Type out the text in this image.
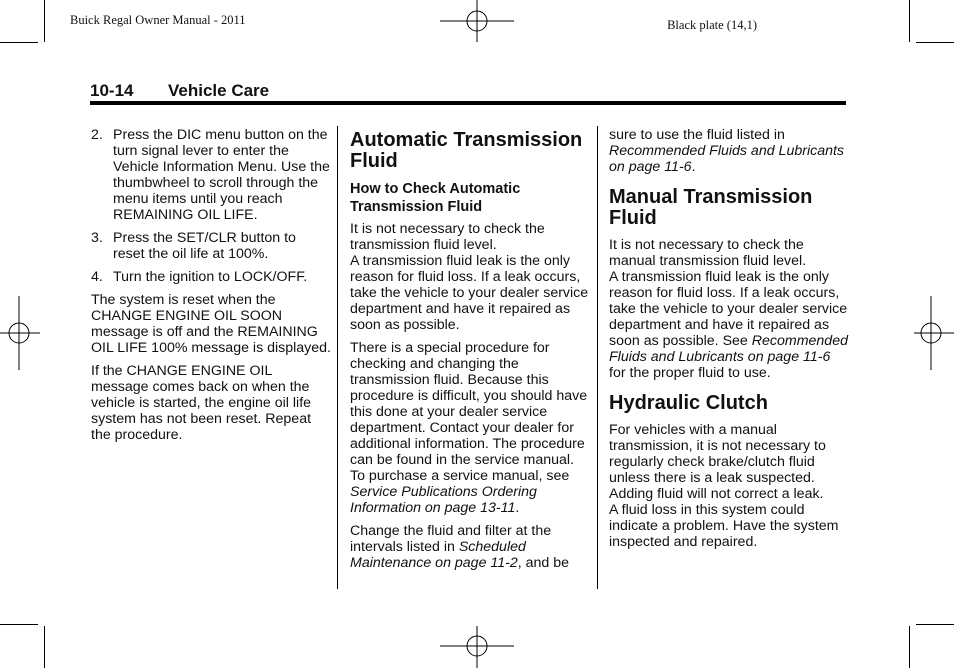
Buick Regal Owner Manual - 2011	Black plate (14,1)
10-14 Vehicle Care
2. Press the DIC menu button on the turn signal lever to enter the Vehicle Information Menu. Use the thumbwheel to scroll through the menu items until you reach REMAINING OIL LIFE.
3. Press the SET/CLR button to reset the oil life at 100%.
4. Turn the ignition to LOCK/OFF.

The system is reset when the CHANGE ENGINE OIL SOON message is off and the REMAINING OIL LIFE 100% message is displayed.

If the CHANGE ENGINE OIL message comes back on when the vehicle is started, the engine oil life system has not been reset. Repeat the procedure.

Automatic Transmission Fluid
How to Check Automatic Transmission Fluid

It is not necessary to check the transmission fluid level.
A transmission fluid leak is the only reason for fluid loss. If a leak occurs, take the vehicle to your dealer service department and have it repaired as soon as possible.

There is a special procedure for checking and changing the transmission fluid. Because this procedure is difficult, you should have this done at your dealer service department. Contact your dealer for additional information. The procedure can be found in the service manual. To purchase a service manual, see Service Publications Ordering Information on page 13-11.

Change the fluid and filter at the intervals listed in Scheduled Maintenance on page 11-2, and be

sure to use the fluid listed in Recommended Fluids and Lubricants on page 11-6.

Manual Transmission Fluid

It is not necessary to check the manual transmission fluid level.
A transmission fluid leak is the only reason for fluid loss. If a leak occurs, take the vehicle to your dealer service department and have it repaired as soon as possible. See Recommended Fluids and Lubricants on page 11-6 for the proper fluid to use.

Hydraulic Clutch

For vehicles with a manual transmission, it is not necessary to regularly check brake/clutch fluid unless there is a leak suspected. Adding fluid will not correct a leak.
A fluid loss in this system could indicate a problem. Have the system inspected and repaired.
